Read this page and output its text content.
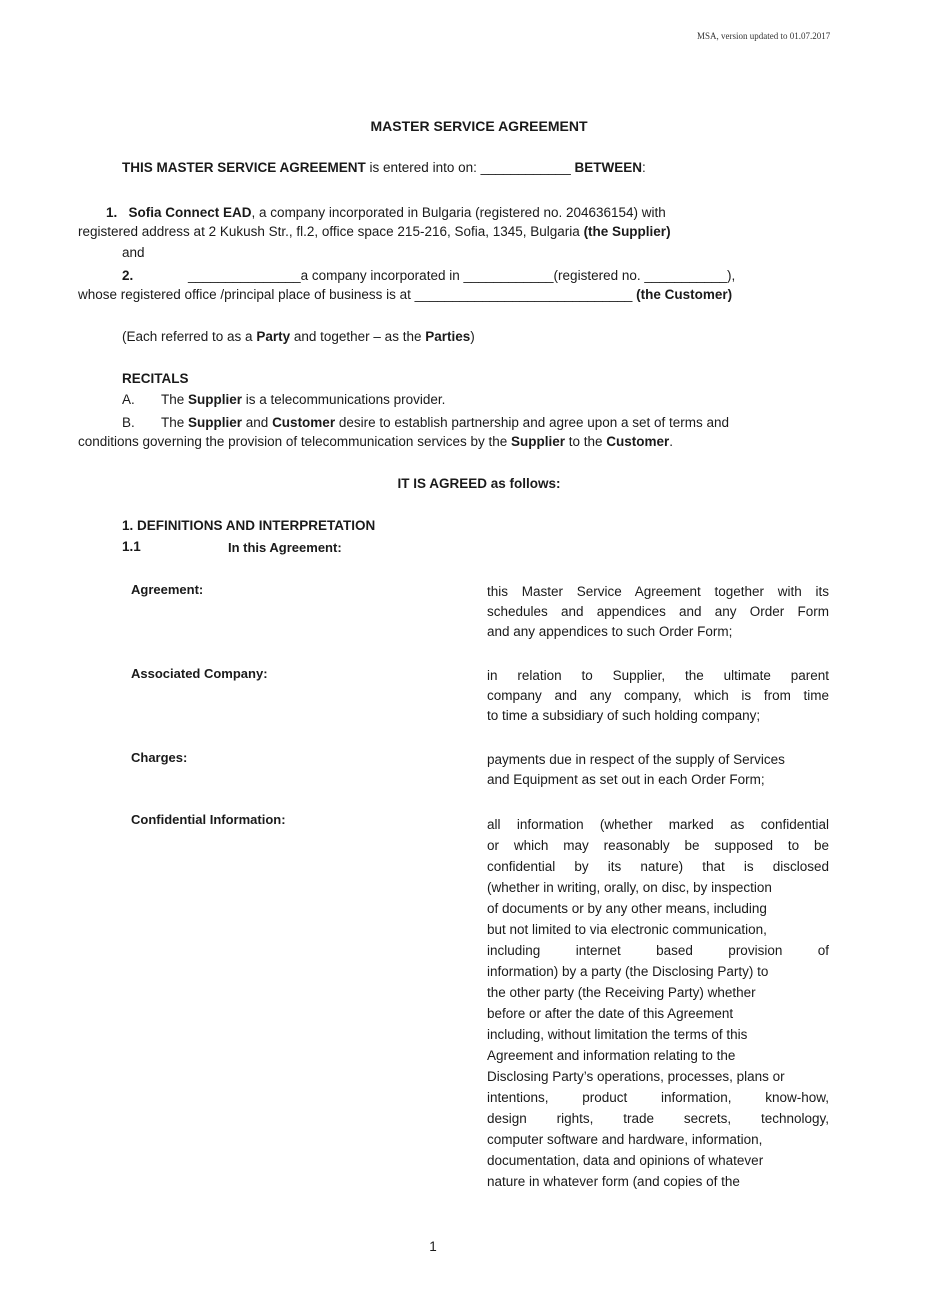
MSA, version updated to 01.07.2017
MASTER SERVICE AGREEMENT
THIS MASTER SERVICE AGREEMENT is entered into on: ____________ BETWEEN:
1. Sofia Connect EAD, a company incorporated in Bulgaria (registered no. 204636154) with
registered address at 2 Kukush Str., fl.2, office space 215-216, Sofia, 1345, Bulgaria (the Supplier)
and
2.	_______________a company incorporated in ____________(registered no. ___________),
whose registered office /principal place of business is at _____________________________ (the Customer)
(Each referred to as a Party and together – as the Parties)
RECITALS
A. The Supplier is a telecommunications provider.
B. The Supplier and Customer desire to establish partnership and agree upon a set of terms and
conditions governing the provision of telecommunication services by the Supplier to the Customer.
IT IS AGREED as follows:
1. DEFINITIONS AND INTERPRETATION
1.1	In this Agreement:
Agreement:	this Master Service Agreement together with its
schedules and appendices and any Order Form
and any appendices to such Order Form;
Associated Company:	in relation to Supplier, the ultimate parent
company and any company, which is from time
to time a subsidiary of such holding company;
Charges:	payments due in respect of the supply of Services
and Equipment as set out in each Order Form;
Confidential Information:	all information (whether marked as confidential
or which may reasonably be supposed to be
confidential by its nature) that is disclosed
(whether in writing, orally, on disc, by inspection
of documents or by any other means, including
but not limited to via electronic communication,
including internet based provision of
information) by a party (the Disclosing Party) to
the other party (the Receiving Party) whether
before or after the date of this Agreement
including, without limitation the terms of this
Agreement and information relating to the
Disclosing Party’s operations, processes, plans or
intentions, product information, know-how,
design rights, trade secrets, technology,
computer software and hardware, information,
documentation, data and opinions of whatever
nature in whatever form (and copies of the
1
